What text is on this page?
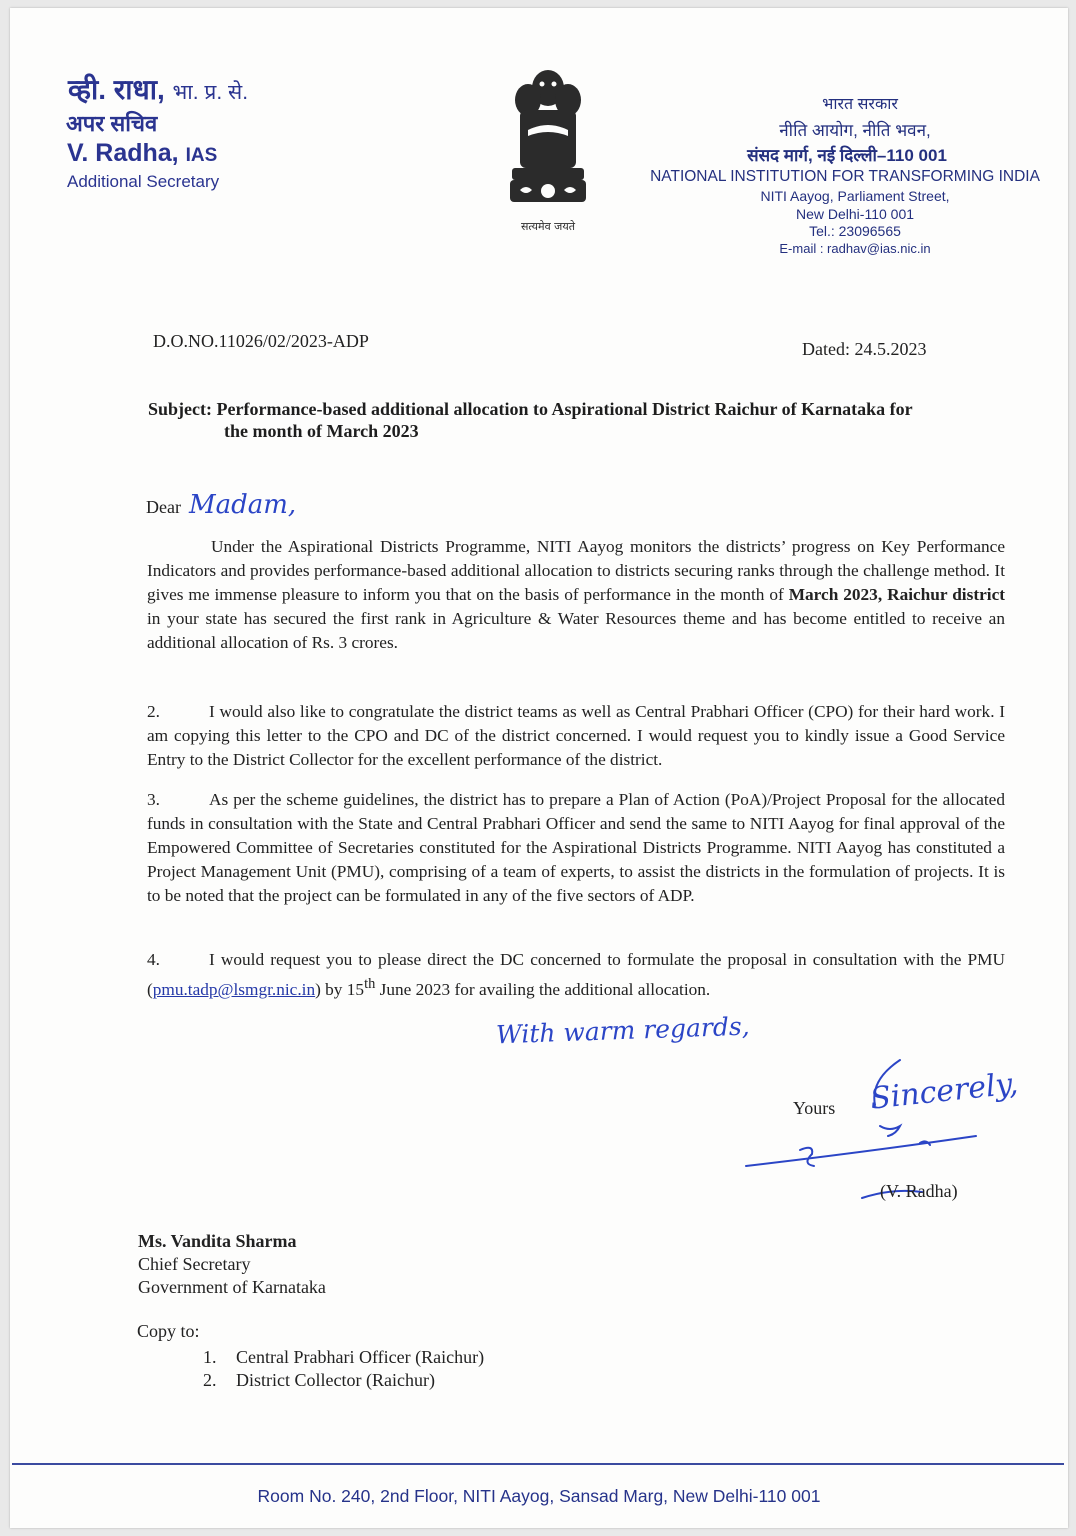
व्ही. राधा, भा. प्र. से.
अपर सचिव
V. Radha, IAS
Additional Secretary
सत्यमेव जयते
भारत सरकार
नीति आयोग, नीति भवन,
संसद मार्ग, नई दिल्ली–110 001
NATIONAL INSTITUTION FOR TRANSFORMING INDIA
NITI Aayog, Parliament Street,
New Delhi-110 001
Tel.: 23096565
E-mail : radhav@ias.nic.in
D.O.NO.11026/02/2023-ADP	Dated: 24.5.2023
Subject: Performance-based additional allocation to Aspirational District Raichur of Karnataka for
the month of March 2023
Dear Madam,
Under the Aspirational Districts Programme, NITI Aayog monitors the districts’ progress on Key Performance Indicators and provides performance-based additional allocation to districts securing ranks through the challenge method. It gives me immense pleasure to inform you that on the basis of performance in the month of March 2023, Raichur district in your state has secured the first rank in Agriculture & Water Resources theme and has become entitled to receive an additional allocation of Rs. 3 crores.
2.	I would also like to congratulate the district teams as well as Central Prabhari Officer (CPO) for their hard work. I am copying this letter to the CPO and DC of the district concerned. I would request you to kindly issue a Good Service Entry to the District Collector for the excellent performance of the district.
3.	As per the scheme guidelines, the district has to prepare a Plan of Action (PoA)/Project Proposal for the allocated funds in consultation with the State and Central Prabhari Officer and send the same to NITI Aayog for final approval of the Empowered Committee of Secretaries constituted for the Aspirational Districts Programme. NITI Aayog has constituted a Project Management Unit (PMU), comprising of a team of experts, to assist the districts in the formulation of projects. It is to be noted that the project can be formulated in any of the five sectors of ADP.
4.	I would request you to please direct the DC concerned to formulate the proposal in consultation with the PMU (pmu.tadp@lsmgr.nic.in) by 15th June 2023 for availing the additional allocation.
With warm regards,
Yours Sincerely,
(V. Radha)
Ms. Vandita Sharma
Chief Secretary
Government of Karnataka
Copy to:
1. Central Prabhari Officer (Raichur)
2. District Collector (Raichur)
Room No. 240, 2nd Floor, NITI Aayog, Sansad Marg, New Delhi-110 001
